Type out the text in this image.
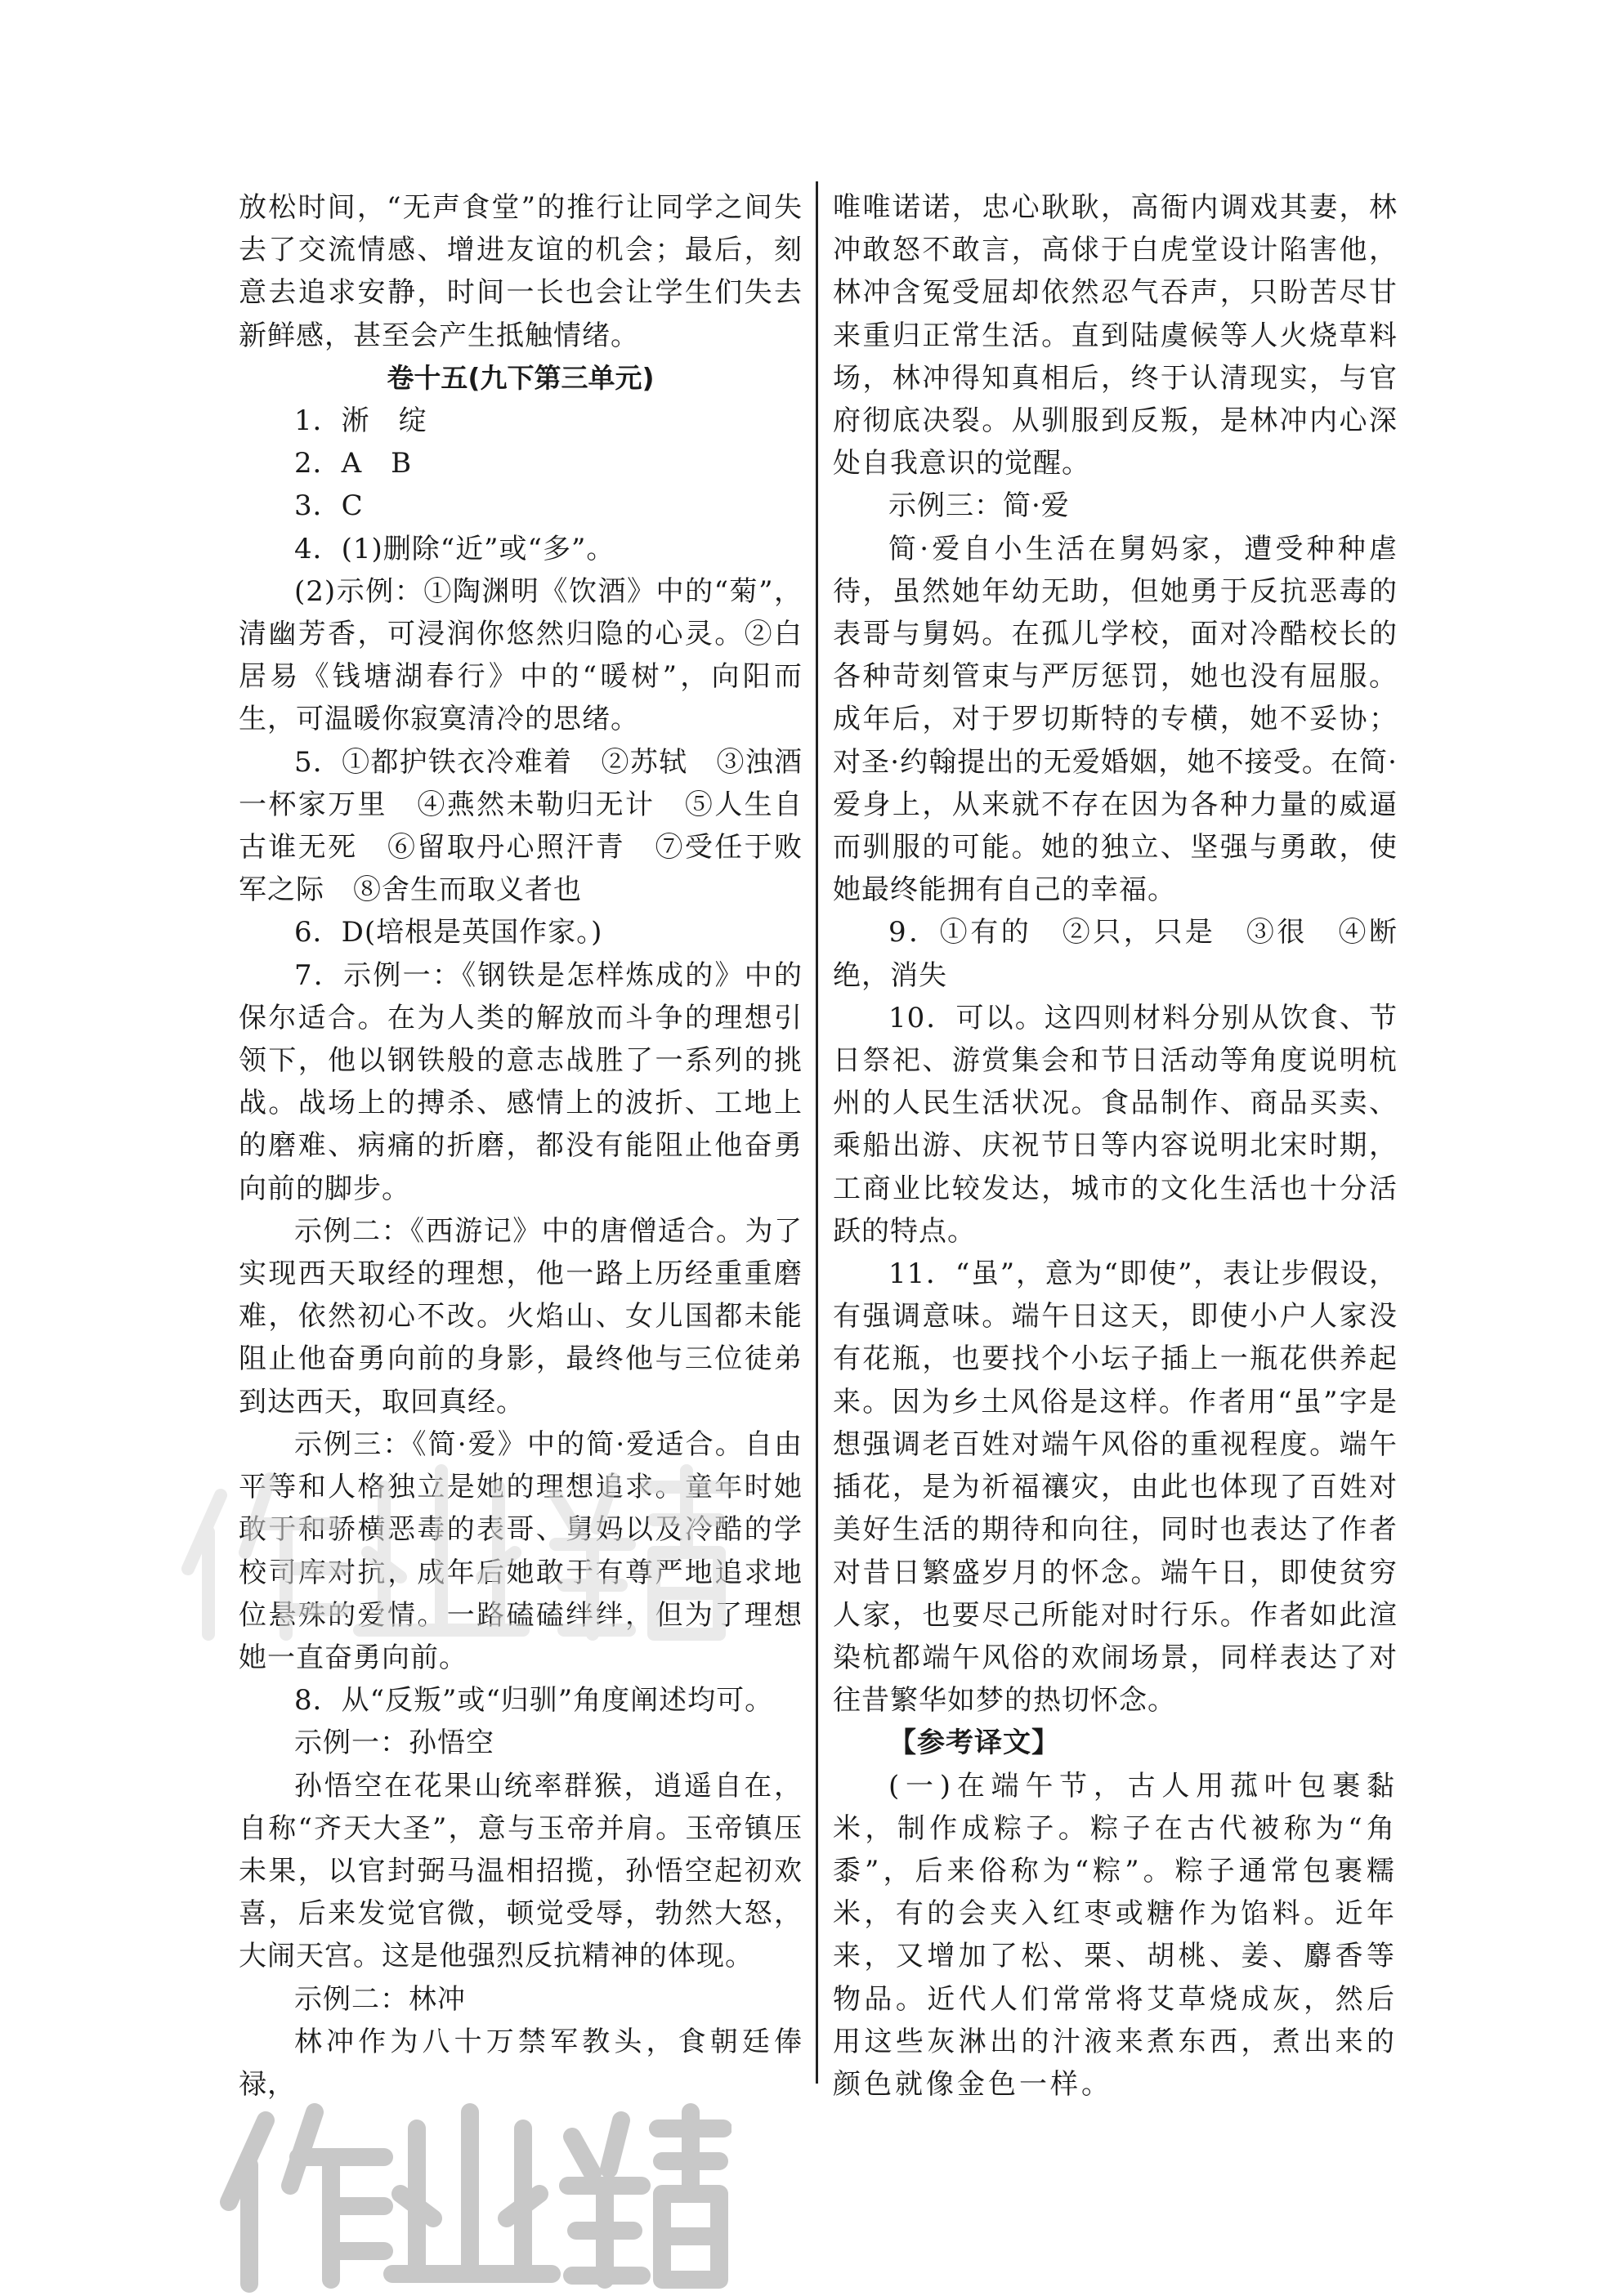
放松时间，“无声食堂”的推行让同学之间失去了交流情感、增进友谊的机会；最后，刻意去追求安静，时间一长也会让学生们失去新鲜感，甚至会产生抵触情绪。

卷十五(九下第三单元)

1．淅　绽

2．A　B

3．C

4．(1)删除“近”或“多”。

(2)示例：①陶渊明《饮酒》中的“菊”，清幽芳香，可浸润你悠然归隐的心灵。②白居易《钱塘湖春行》中的“暖树”，向阳而生，可温暖你寂寞清冷的思绪。

5．①都护铁衣冷难着　②苏轼　③浊酒一杯家万里　④燕然未勒归无计　⑤人生自古谁无死　⑥留取丹心照汗青　⑦受任于败军之际　⑧舍生而取义者也

6．D(培根是英国作家。)

7．示例一：《钢铁是怎样炼成的》中的保尔适合。在为人类的解放而斗争的理想引领下，他以钢铁般的意志战胜了一系列的挑战。战场上的搏杀、感情上的波折、工地上的磨难、病痛的折磨，都没有能阻止他奋勇向前的脚步。

示例二：《西游记》中的唐僧适合。为了实现西天取经的理想，他一路上历经重重磨难，依然初心不改。火焰山、女儿国都未能阻止他奋勇向前的身影，最终他与三位徒弟到达西天，取回真经。

示例三：《简·爱》中的简·爱适合。自由平等和人格独立是她的理想追求。童年时她敢于和骄横恶毒的表哥、舅妈以及冷酷的学校司库对抗，成年后她敢于有尊严地追求地位悬殊的爱情。一路磕磕绊绊，但为了理想她一直奋勇向前。

8．从“反叛”或“归驯”角度阐述均可。

示例一：孙悟空

孙悟空在花果山统率群猴，逍遥自在，自称“齐天大圣”，意与玉帝并肩。玉帝镇压未果，以官封弼马温相招揽，孙悟空起初欢喜，后来发觉官微，顿觉受辱，勃然大怒，大闹天宫。这是他强烈反抗精神的体现。

示例二：林冲

林冲作为八十万禁军教头，食朝廷俸禄，

唯唯诺诺，忠心耿耿，高衙内调戏其妻，林冲敢怒不敢言，高俅于白虎堂设计陷害他，林冲含冤受屈却依然忍气吞声，只盼苦尽甘来重归正常生活。直到陆虞候等人火烧草料场，林冲得知真相后，终于认清现实，与官府彻底决裂。从驯服到反叛，是林冲内心深处自我意识的觉醒。

示例三：简·爱

简·爱自小生活在舅妈家，遭受种种虐待，虽然她年幼无助，但她勇于反抗恶毒的表哥与舅妈。在孤儿学校，面对冷酷校长的各种苛刻管束与严厉惩罚，她也没有屈服。成年后，对于罗切斯特的专横，她不妥协；对圣·约翰提出的无爱婚姻，她不接受。在简·爱身上，从来就不存在因为各种力量的威逼而驯服的可能。她的独立、坚强与勇敢，使她最终能拥有自己的幸福。

9．①有的　②只，只是　③很　④断绝，消失

10．可以。这四则材料分别从饮食、节日祭祀、游赏集会和节日活动等角度说明杭州的人民生活状况。食品制作、商品买卖、乘船出游、庆祝节日等内容说明北宋时期，工商业比较发达，城市的文化生活也十分活跃的特点。

11．“虽”，意为“即使”，表让步假设，有强调意味。端午日这天，即使小户人家没有花瓶，也要找个小坛子插上一瓶花供养起来。因为乡土风俗是这样。作者用“虽”字是想强调老百姓对端午风俗的重视程度。端午插花，是为祈福禳灾，由此也体现了百姓对美好生活的期待和向往，同时也表达了作者对昔日繁盛岁月的怀念。端午日，即使贫穷人家，也要尽己所能对时行乐。作者如此渲染杭都端午风俗的欢闹场景，同样表达了对往昔繁华如梦的热切怀念。

【参考译文】

(一)在端午节，古人用菰叶包裹黏米，制作成粽子。粽子在古代被称为“角黍”，后来俗称为“粽”。粽子通常包裹糯米，有的会夹入红枣或糖作为馅料。近年来，又增加了松、栗、胡桃、姜、麝香等物品。近代人们常常将艾草烧成灰，然后用这些灰淋出的汁液来煮东西，煮出来的颜色就像金色一样。
